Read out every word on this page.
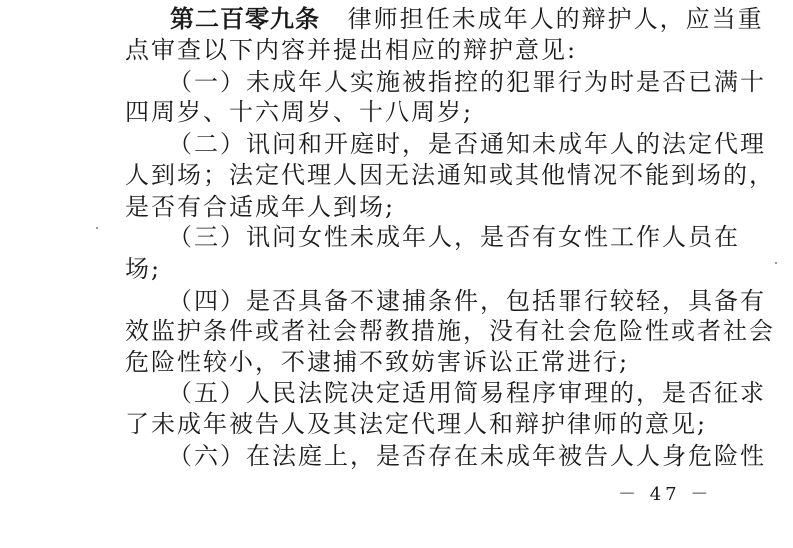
第二百零九条 律师担任未成年人的辩护人，应当重
点审查以下内容并提出相应的辩护意见:
（一）未成年人实施被指控的犯罪行为时是否已满十
四周岁、十六周岁、十八周岁;
（二）讯问和开庭时，是否通知未成年人的法定代理
人到场；法定代理人因无法通知或其他情况不能到场的，
是否有合适成年人到场;
（三）讯问女性未成年人，是否有女性工作人员在
场;
（四）是否具备不逮捕条件，包括罪行较轻，具备有
效监护条件或者社会帮教措施，没有社会危险性或者社会
危险性较小，不逮捕不致妨害诉讼正常进行;
（五）人民法院决定适用简易程序审理的，是否征求
了未成年被告人及其法定代理人和辩护律师的意见;
（六）在法庭上，是否存在未成年被告人人身危险性
－ 47 －
